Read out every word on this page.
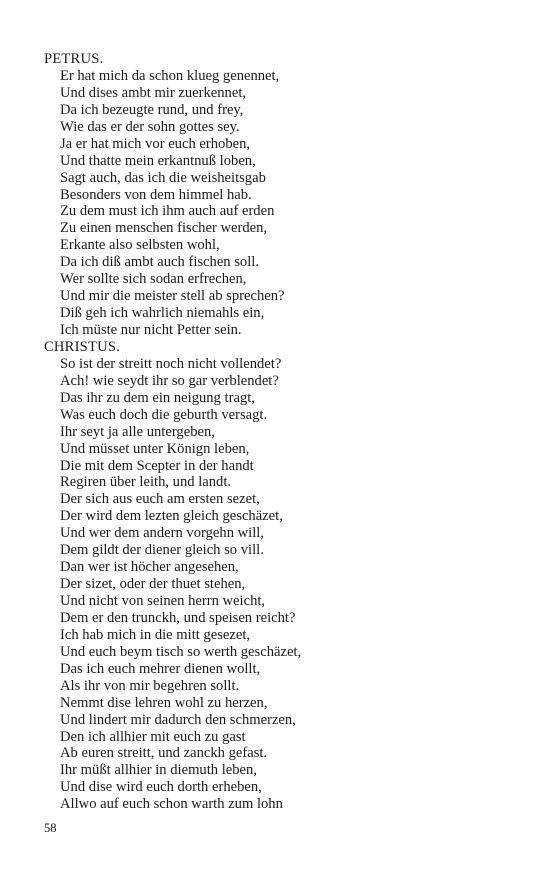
PETRUS.
Er hat mich da schon klueg genennet,
Und dises ambt mir zuerkennet,
Da ich bezeugte rund, und frey,
Wie das er der sohn gottes sey.
Ja er hat mich vor euch erhoben,
Und thatte mein erkantnuß loben,
Sagt auch, das ich die weisheitsgab
Besonders von dem himmel hab.
Zu dem must ich ihm auch auf erden
Zu einen menschen fischer werden,
Erkante also selbsten wohl,
Da ich diß ambt auch fischen soll.
Wer sollte sich sodan erfrechen,
Und mir die meister stell ab sprechen?
Diß geh ich wahrlich niemahls ein,
Ich müste nur nicht Petter sein.
CHRISTUS.
So ist der streitt noch nicht vollendet?
Ach! wie seydt ihr so gar verblendet?
Das ihr zu dem ein neigung tragt,
Was euch doch die geburth versagt.
Ihr seyt ja alle untergeben,
Und müsset unter Könign leben,
Die mit dem Scepter in der handt
Regiren über leith, und landt.
Der sich aus euch am ersten sezet,
Der wird dem lezten gleich geschäzet,
Und wer dem andern vorgehn will,
Dem gildt der diener gleich so vill.
Dan wer ist höcher angesehen,
Der sizet, oder der thuet stehen,
Und nicht von seinen herrn weicht,
Dem er den trunckh, und speisen reicht?
Ich hab mich in die mitt gesezet,
Und euch beym tisch so werth geschäzet,
Das ich euch mehrer dienen wollt,
Als ihr von mir begehren sollt.
Nemmt dise lehren wohl zu herzen,
Und lindert mir dadurch den schmerzen,
Den ich allhier mit euch zu gast
Ab euren streitt, und zanckh gefast.
Ihr müßt allhier in diemuth leben,
Und dise wird euch dorth erheben,
Allwo auf euch schon warth zum lohn
58
